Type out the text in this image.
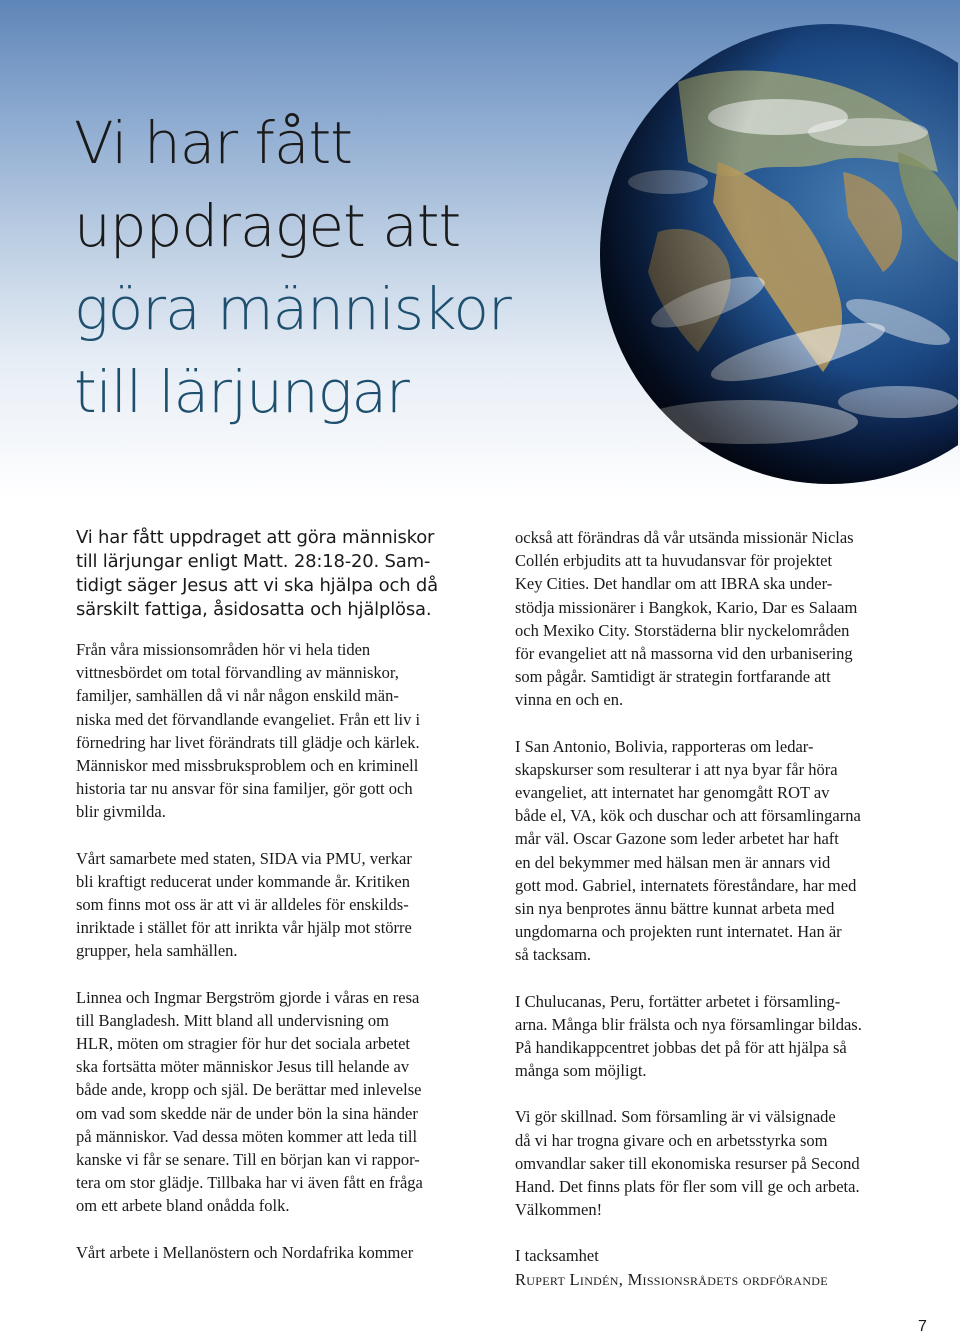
Vi har fått
uppdraget att
göra människor
till lärjungar
Vi har fått uppdraget att göra människor
till lärjungar enligt Matt. 28:18-20. Sam-
tidigt säger Jesus att vi ska hjälpa och då
särskilt fattiga, åsidosatta och hjälplösa.

Från våra missionsområden hör vi hela tiden
vittnesbördet om total förvandling av människor,
familjer, samhällen då vi når någon enskild män-
niska med det förvandlande evangeliet. Från ett liv i
förnedring har livet förändrats till glädje och kärlek.
Människor med missbruksproblem och en kriminell
historia tar nu ansvar för sina familjer, gör gott och
blir givmilda.

Vårt samarbete med staten, SIDA via PMU, verkar
bli kraftigt reducerat under kommande år. Kritiken
som finns mot oss är att vi är alldeles för enskilds-
inriktade i stället för att inrikta vår hjälp mot större
grupper, hela samhällen.

Linnea och Ingmar Bergström gjorde i våras en resa
till Bangladesh. Mitt bland all undervisning om
HLR, möten om stragier för hur det sociala arbetet
ska fortsätta möter människor Jesus till helande av
både ande, kropp och själ. De berättar med inlevelse
om vad som skedde när de under bön la sina händer
på människor. Vad dessa möten kommer att leda till
kanske vi får se senare. Till en början kan vi rappor-
tera om stor glädje. Tillbaka har vi även fått en fråga
om ett arbete bland onådda folk.

Vårt arbete i Mellanöstern och Nordafrika kommer

också att förändras då vår utsända missionär Niclas
Collén erbjudits att ta huvudansvar för projektet
Key Cities. Det handlar om att IBRA ska under-
stödja missionärer i Bangkok, Kario, Dar es Salaam
och Mexiko City. Storstäderna blir nyckelområden
för evangeliet att nå massorna vid den urbanisering
som pågår. Samtidigt är strategin fortfarande att
vinna en och en.

I San Antonio, Bolivia, rapporteras om ledar-
skapskurser som resulterar i att nya byar får höra
evangeliet, att internatet har genomgått ROT av
både el, VA, kök och duschar och att församlingarna
mår väl. Oscar Gazone som leder arbetet har haft
en del bekymmer med hälsan men är annars vid
gott mod. Gabriel, internatets föreståndare, har med
sin nya benprotes ännu bättre kunnat arbeta med
ungdomarna och projekten runt internatet. Han är
så tacksam.

I Chulucanas, Peru, fortätter arbetet i församling-
arna. Många blir frälsta och nya församlingar bildas.
På handikappcentret jobbas det på för att hjälpa så
många som möjligt.

Vi gör skillnad. Som församling är vi välsignade
då vi har trogna givare och en arbetsstyrka som
omvandlar saker till ekonomiska resurser på Second
Hand. Det finns plats för fler som vill ge och arbeta.
Välkommen!

I tacksamhet

Rupert Lindén, Missionsrådets ordförande
7
